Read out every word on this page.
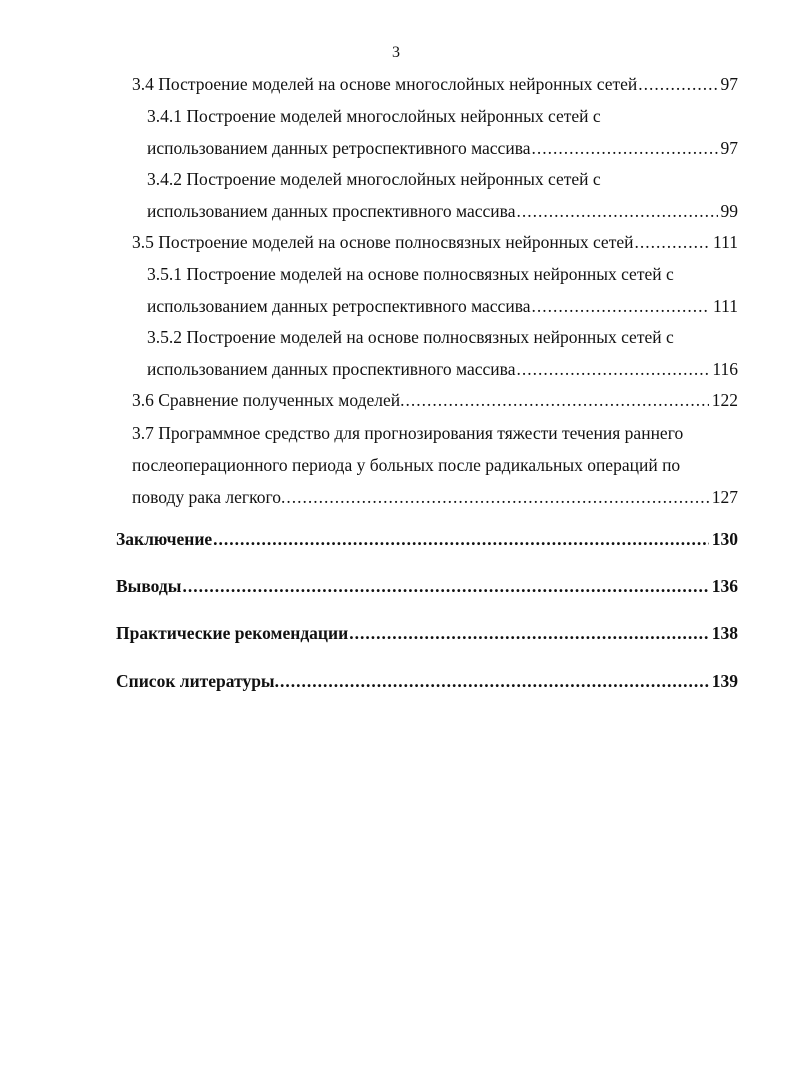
3
3.4 Построение моделей на основе многослойных нейронных сетей .....	97
3.4.1 Построение моделей многослойных нейронных сетей с
использованием данных ретроспективного массива .....	97
3.4.2 Построение моделей многослойных нейронных сетей с
использованием данных проспективного массива .....	99
3.5 Построение моделей на основе полносвязных нейронных сетей .....	111
3.5.1 Построение моделей на основе полносвязных нейронных сетей с
использованием данных ретроспективного массива .....	111
3.5.2 Построение моделей на основе полносвязных нейронных сетей с
использованием данных проспективного массива .....	116
3.6 Сравнение полученных моделей. .....	122
3.7 Программное средство для прогнозирования тяжести течения раннего
послеоперационного периода у больных после радикальных операций по
поводу рака легкого. .....	127
Заключение .....	130
Выводы .....	136
Практические рекомендации .....	138
Список литературы. .....	139
